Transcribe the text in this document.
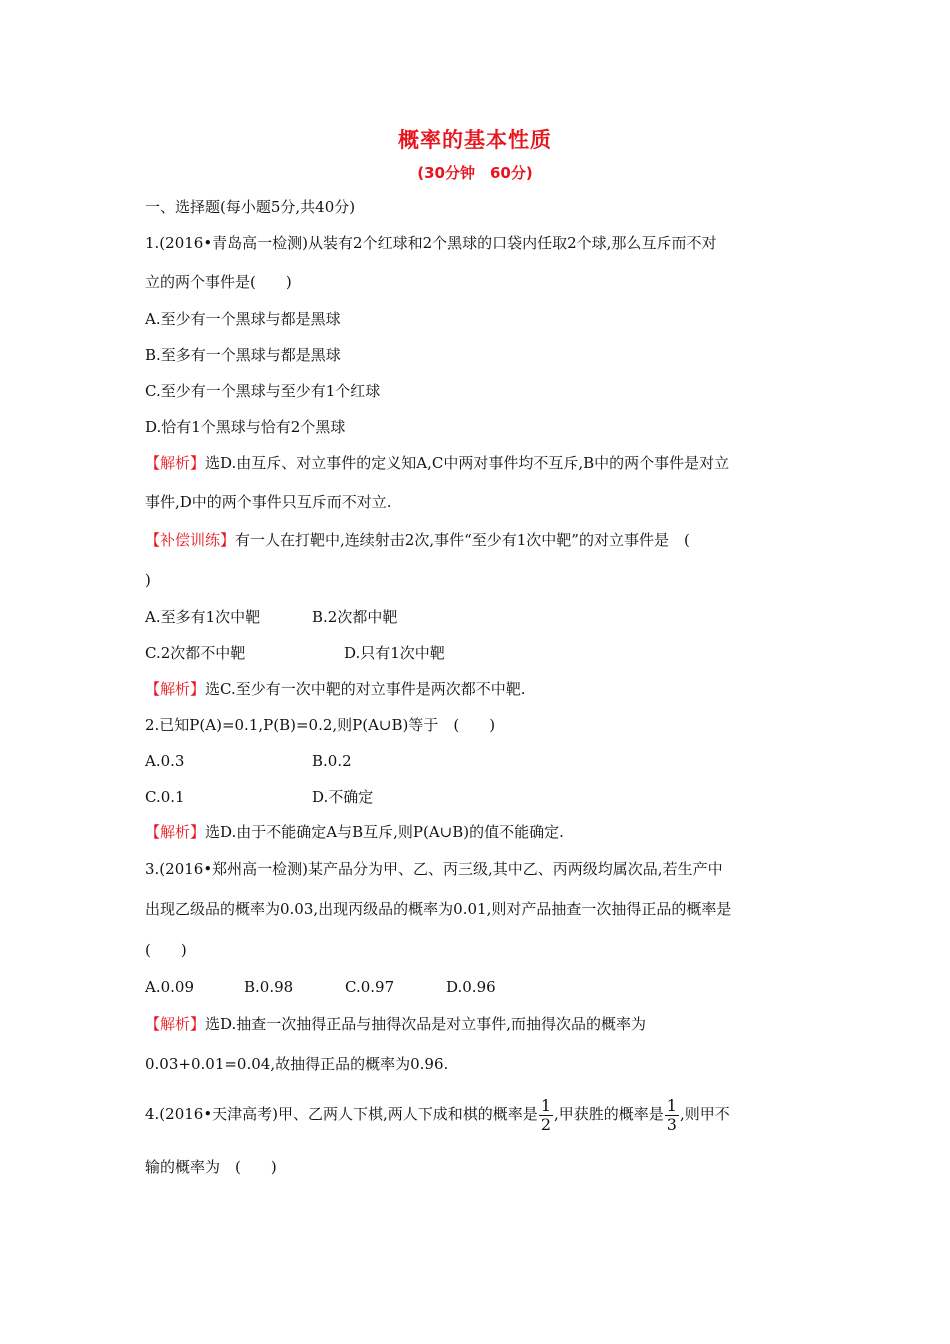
概率的基本性质
(30分钟　60分)
一、选择题(每小题5分,共40分)
1.(2016•青岛高一检测)从装有2个红球和2个黑球的口袋内任取2个球,那么互斥而不对
立的两个事件是(　　)
A.至少有一个黑球与都是黑球
B.至多有一个黑球与都是黑球
C.至少有一个黑球与至少有1个红球
D.恰有1个黑球与恰有2个黑球
【解析】选D.由互斥、对立事件的定义知A,C中两对事件均不互斥,B中的两个事件是对立
事件,D中的两个事件只互斥而不对立.
【补偿训练】有一人在打靶中,连续射击2次,事件“至少有1次中靶”的对立事件是　(
)
A.至多有1次中靶	B.2次都中靶
C.2次都不中靶	D.只有1次中靶
【解析】选C.至少有一次中靶的对立事件是两次都不中靶.
2.已知P(A)=0.1,P(B)=0.2,则P(A∪B)等于　(　　)
A.0.3	B.0.2
C.0.1	D.不确定
【解析】选D.由于不能确定A与B互斥,则P(A∪B)的值不能确定.
3.(2016•郑州高一检测)某产品分为甲、乙、丙三级,其中乙、丙两级均属次品,若生产中
出现乙级品的概率为0.03,出现丙级品的概率为0.01,则对产品抽查一次抽得正品的概率是
(　　)
A.0.09	B.0.98	C.0.97	D.0.96
【解析】选D.抽查一次抽得正品与抽得次品是对立事件,而抽得次品的概率为
0.03+0.01=0.04,故抽得正品的概率为0.96.
4.(2016•天津高考)甲、乙两人下棋,两人下成和棋的概率是 $\frac{1}{2}$ ,甲获胜的概率是 $\frac{1}{3}$ ,则甲不
输的概率为　(　　)
